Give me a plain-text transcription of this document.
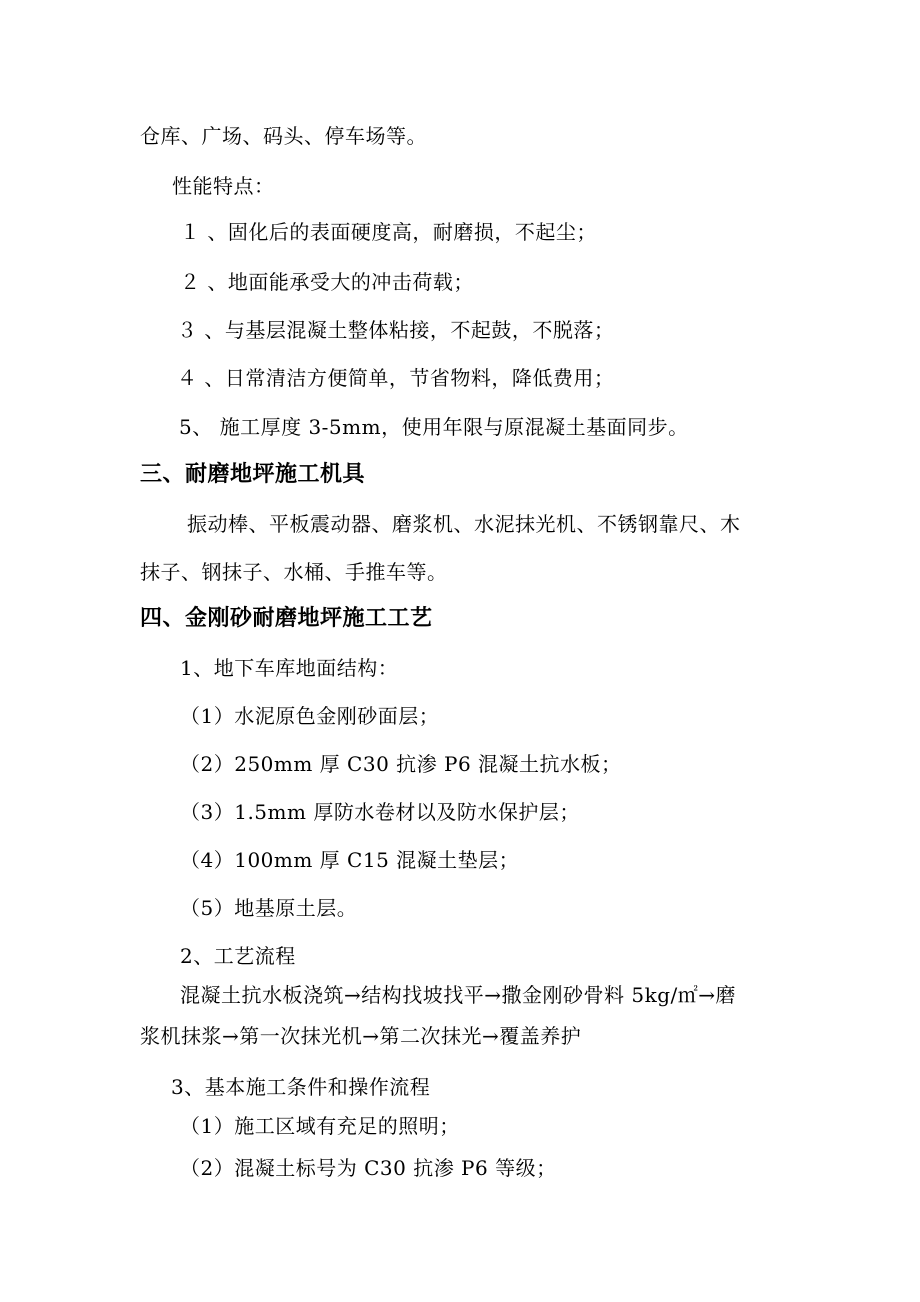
仓库、广场、码头、停车场等。
性能特点：
１ 、固化后的表面硬度高，耐磨损，不起尘；
２ 、地面能承受大的冲击荷载；
３ 、与基层混凝土整体粘接，不起鼓，不脱落；
４ 、日常清洁方便简单，节省物料，降低费用；
5、 施工厚度 3-5mm，使用年限与原混凝土基面同步。
三、耐磨地坪施工机具
振动棒、平板震动器、磨浆机、水泥抹光机、不锈钢靠尺、木
抹子、钢抹子、水桶、手推车等。
四、金刚砂耐磨地坪施工工艺
1、地下车库地面结构：
（1）水泥原色金刚砂面层；
（2）250mm 厚 C30 抗渗 P6 混凝土抗水板；
（3）1.5mm 厚防水卷材以及防水保护层；
（4）100mm 厚 C15 混凝土垫层；
（5）地基原土层。
2、工艺流程
混凝土抗水板浇筑→结构找坡找平→撒金刚砂骨料 5kg/㎡→磨
浆机抹浆→第一次抹光机→第二次抹光→覆盖养护
3、基本施工条件和操作流程
（1）施工区域有充足的照明；
（2）混凝土标号为 C30 抗渗 P6 等级；
